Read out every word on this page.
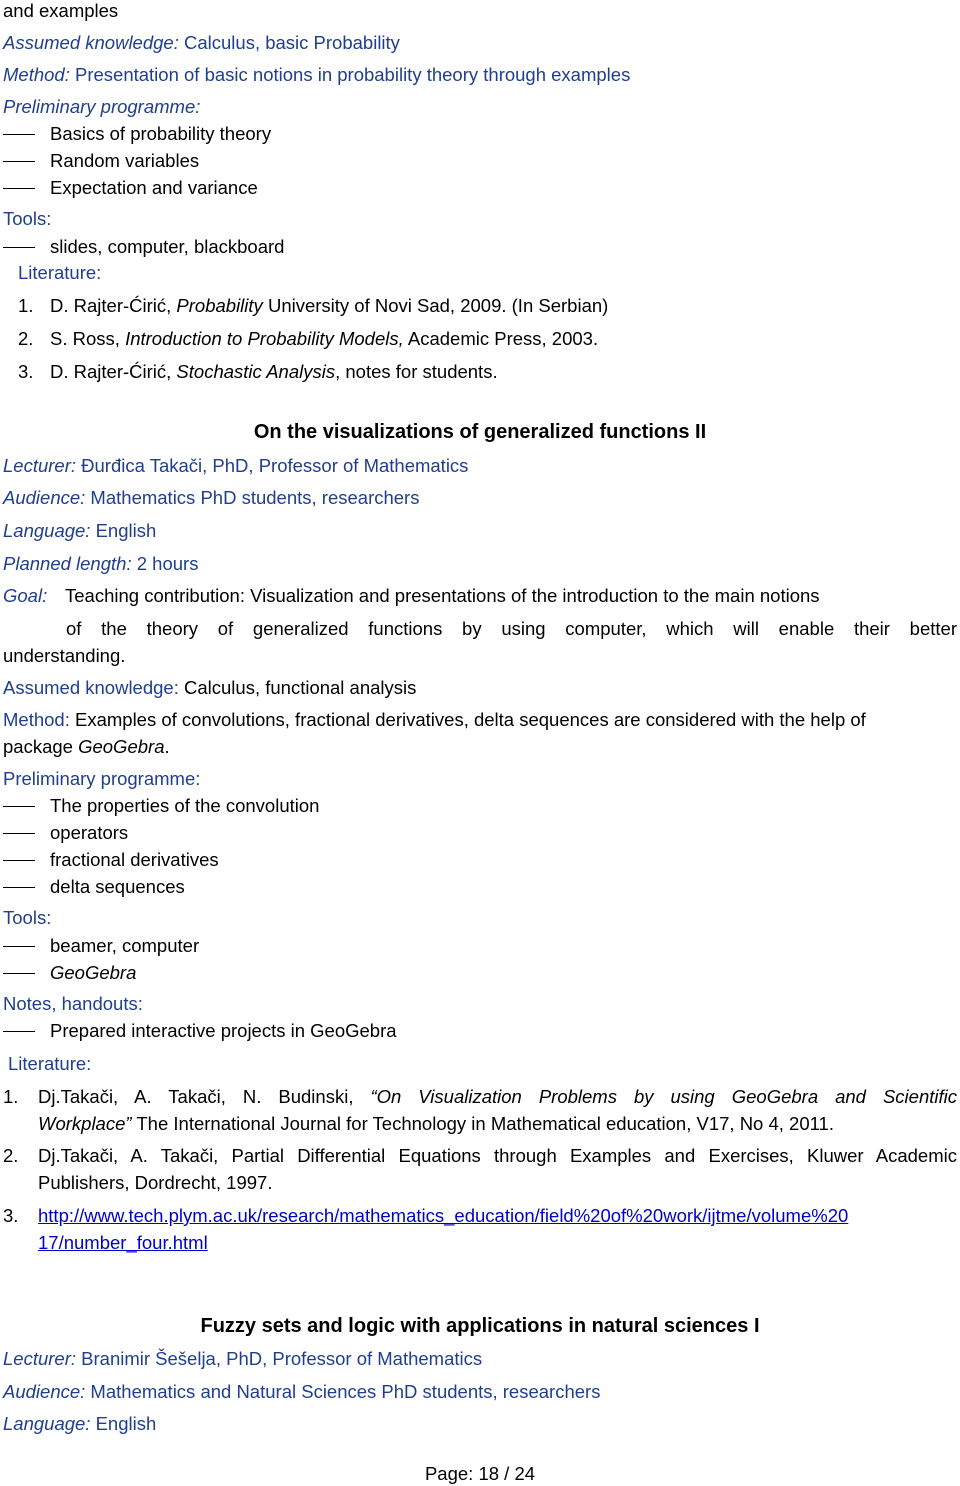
and examples
Assumed knowledge: Calculus, basic Probability
Method: Presentation of basic notions in probability theory through examples
Preliminary programme:
Basics of probability theory
Random variables
Expectation and variance
Tools:
slides, computer, blackboard
Literature:
1. D. Rajter-Ćirić, Probability University of Novi Sad, 2009. (In Serbian)
2. S. Ross, Introduction to Probability Models, Academic Press, 2003.
3. D. Rajter-Ćirić, Stochastic Analysis, notes for students.
On the visualizations of generalized functions II
Lecturer: Đurđica Takači, PhD, Professor of Mathematics
Audience: Mathematics PhD students, researchers
Language: English
Planned length: 2 hours
Goal: Teaching contribution: Visualization and presentations of the introduction to the main notions
of the theory of generalized functions by using computer, which will enable their better
understanding.
Assumed knowledge: Calculus, functional analysis
Method: Examples of convolutions, fractional derivatives, delta sequences are considered with the help of
package GeoGebra.
Preliminary programme:
The properties of the convolution
operators
fractional derivatives
delta sequences
Tools:
beamer, computer
GeoGebra
Notes, handouts:
Prepared interactive projects in GeoGebra
Literature:
1. Dj.Takači, A. Takači, N. Budinski, “On Visualization Problems by using GeoGebra and Scientific
Workplace” The International Journal for Technology in Mathematical education, V17, No 4, 2011.
2. Dj.Takači, A. Takači, Partial Differential Equations through Examples and Exercises, Kluwer Academic
Publishers, Dordrecht, 1997.
3. http://www.tech.plym.ac.uk/research/mathematics_education/field%20of%20work/ijtme/volume%20
17/number_four.html
Fuzzy sets and logic with applications in natural sciences I
Lecturer: Branimir Šešelja, PhD, Professor of Mathematics
Audience: Mathematics and Natural Sciences PhD students, researchers
Language: English
Page: 18 / 24
